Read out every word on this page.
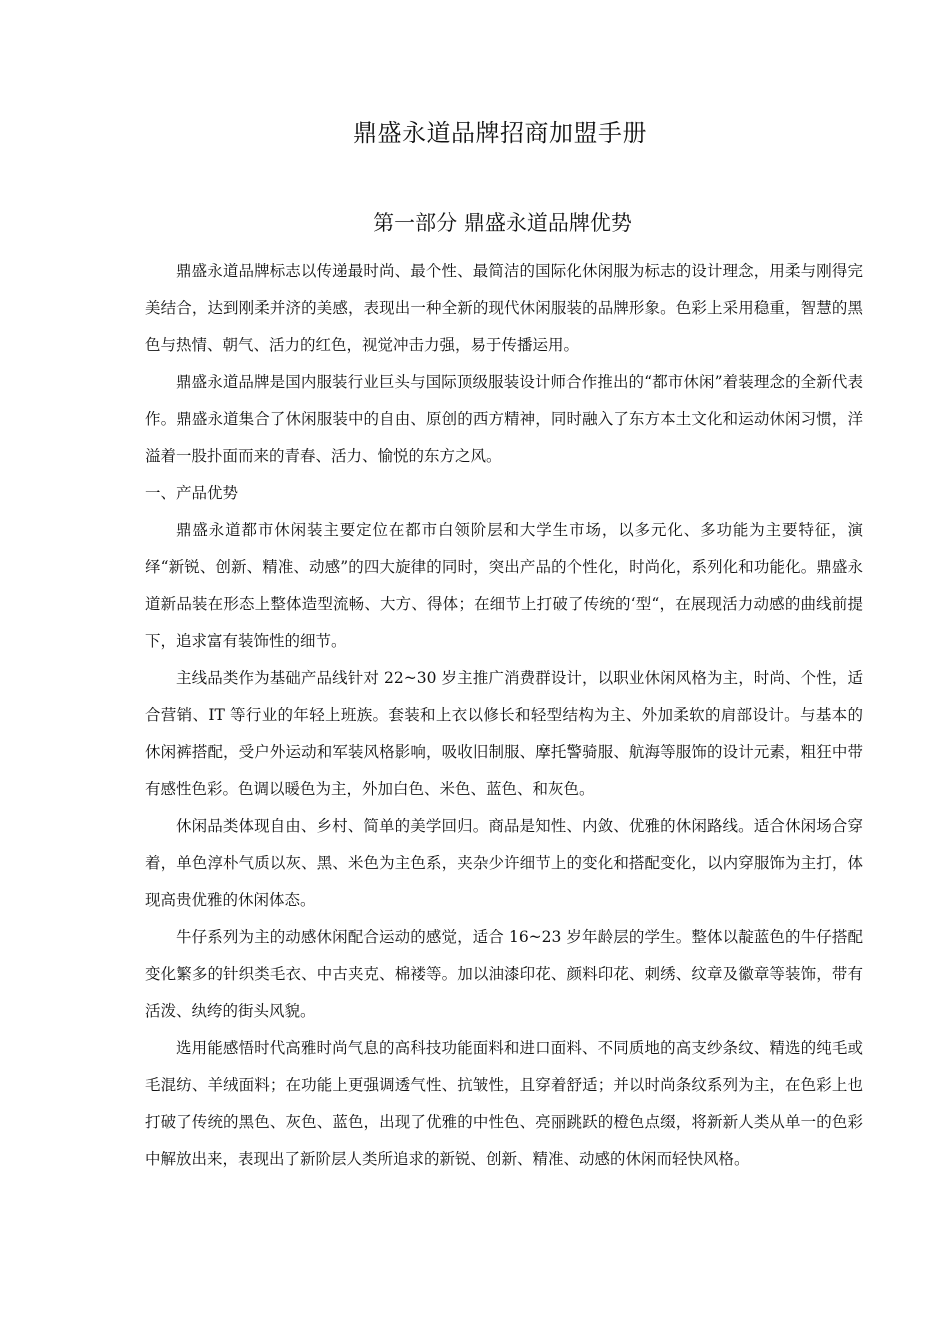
鼎盛永道品牌招商加盟手册
第一部分 鼎盛永道品牌优势

鼎盛永道品牌标志以传递最时尚、最个性、最简洁的国际化休闲服为标志的设计理念，用柔与刚得完美结合，达到刚柔并济的美感，表现出一种全新的现代休闲服装的品牌形象。色彩上采用稳重，智慧的黑色与热情、朝气、活力的红色，视觉冲击力强，易于传播运用。

鼎盛永道品牌是国内服装行业巨头与国际顶级服装设计师合作推出的“都市休闲”着装理念的全新代表作。鼎盛永道集合了休闲服装中的自由、原创的西方精神，同时融入了东方本土文化和运动休闲习惯，洋溢着一股扑面而来的青春、活力、愉悦的东方之风。

一、产品优势

鼎盛永道都市休闲装主要定位在都市白领阶层和大学生市场，以多元化、多功能为主要特征，演绎“新锐、创新、精准、动感”的四大旋律的同时，突出产品的个性化，时尚化，系列化和功能化。鼎盛永道新品装在形态上整体造型流畅、大方、得体；在细节上打破了传统的‘型“，在展现活力动感的曲线前提下，追求富有装饰性的细节。

主线品类作为基础产品线针对 22~30 岁主推广消费群设计，以职业休闲风格为主，时尚、个性，适合营销、IT 等行业的年轻上班族。套装和上衣以修长和轻型结构为主、外加柔软的肩部设计。与基本的休闲裤搭配，受户外运动和军装风格影响，吸收旧制服、摩托警骑服、航海等服饰的设计元素，粗狂中带有感性色彩。色调以暖色为主，外加白色、米色、蓝色、和灰色。

休闲品类体现自由、乡村、简单的美学回归。商品是知性、内敛、优雅的休闲路线。适合休闲场合穿着，单色淳朴气质以灰、黑、米色为主色系，夹杂少许细节上的变化和搭配变化，以内穿服饰为主打，体现高贵优雅的休闲体态。

牛仔系列为主的动感休闲配合运动的感觉，适合 16~23 岁年龄层的学生。整体以靛蓝色的牛仔搭配变化繁多的针织类毛衣、中古夹克、棉褛等。加以油漆印花、颜料印花、刺绣、纹章及徽章等装饰，带有活泼、纨绔的街头风貌。

选用能感悟时代高雅时尚气息的高科技功能面料和进口面料、不同质地的高支纱条纹、精选的纯毛或毛混纺、羊绒面料；在功能上更强调透气性、抗皱性，且穿着舒适；并以时尚条纹系列为主，在色彩上也打破了传统的黑色、灰色、蓝色，出现了优雅的中性色、亮丽跳跃的橙色点缀，将新新人类从单一的色彩中解放出来，表现出了新阶层人类所追求的新锐、创新、精准、动感的休闲而轻快风格。
